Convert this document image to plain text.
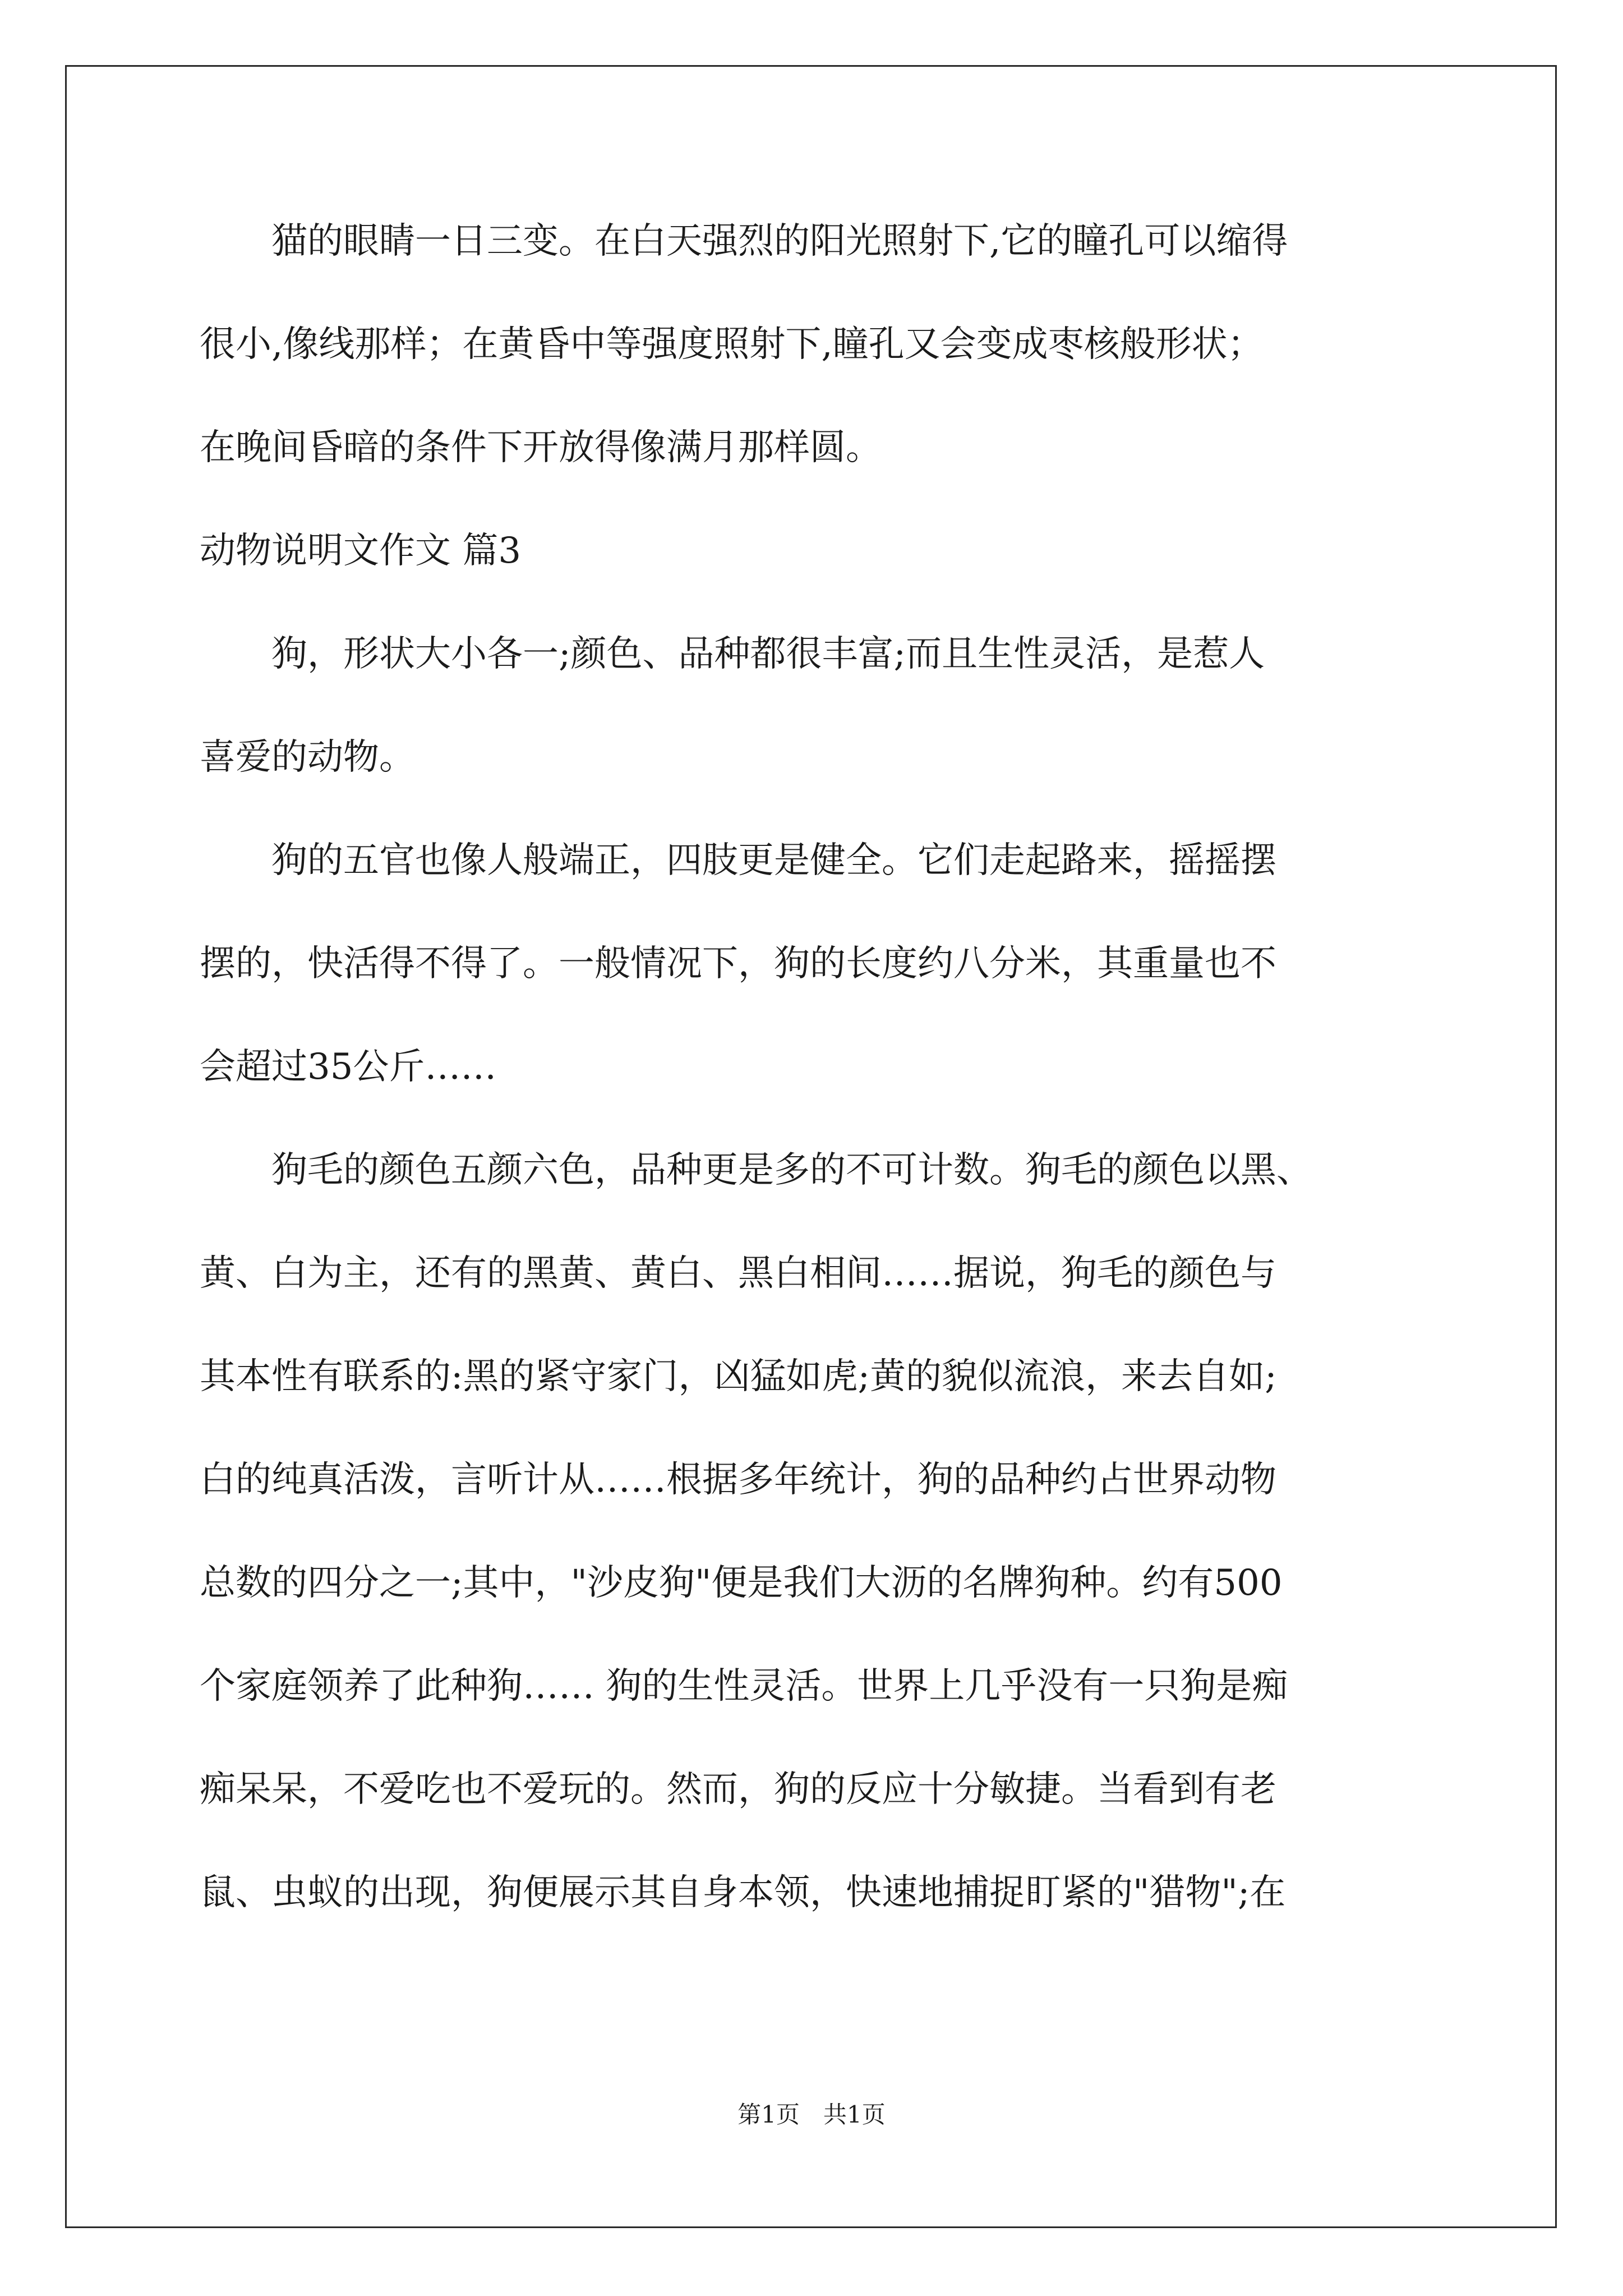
　　猫的眼睛一日三变。在白天强烈的阳光照射下,它的瞳孔可以缩得
很小,像线那样；在黄昏中等强度照射下,瞳孔又会变成枣核般形状；
在晚间昏暗的条件下开放得像满月那样圆。
动物说明文作文 篇3
　　狗，形状大小各一;颜色、品种都很丰富;而且生性灵活，是惹人
喜爱的动物。
　　狗的五官也像人般端正，四肢更是健全。它们走起路来，摇摇摆
摆的，快活得不得了。一般情况下，狗的长度约八分米，其重量也不
会超过35公斤……
　　狗毛的颜色五颜六色，品种更是多的不可计数。狗毛的颜色以黑、
黄、白为主，还有的黑黄、黄白、黑白相间……据说，狗毛的颜色与
其本性有联系的:黑的紧守家门，凶猛如虎;黄的貌似流浪，来去自如;
白的纯真活泼，言听计从……根据多年统计，狗的品种约占世界动物
总数的四分之一;其中，"沙皮狗"便是我们大沥的名牌狗种。约有500
个家庭领养了此种狗…… 狗的生性灵活。世界上几乎没有一只狗是痴
痴呆呆，不爱吃也不爱玩的。然而，狗的反应十分敏捷。当看到有老
鼠、虫蚁的出现，狗便展示其自身本领，快速地捕捉盯紧的"猎物";在
第1页　共1页
